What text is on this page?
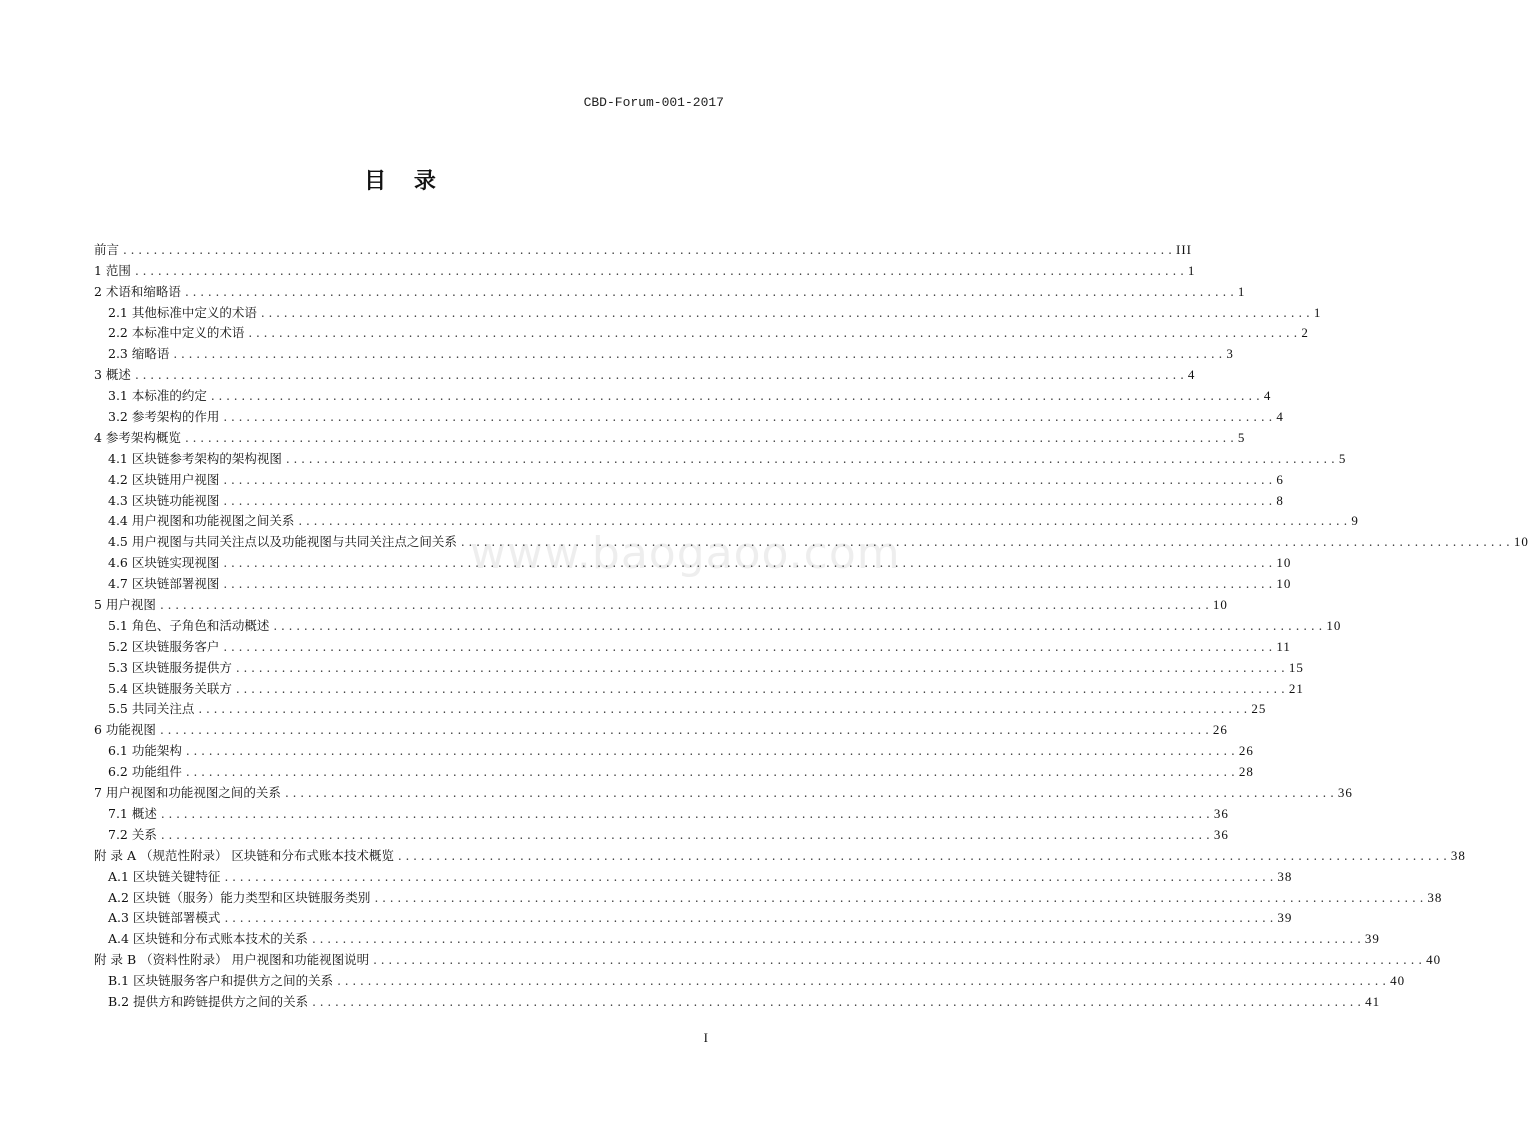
CBD-Forum-001-2017
目 录
www.baogaoo.com
前言 . . .	III
1 范围 . . .	1
2 术语和缩略语 . . .	1
2.1 其他标准中定义的术语 . . .	1
2.2 本标准中定义的术语 . . .	2
2.3 缩略语 . . .	3
3 概述 . . .	4
3.1 本标准的约定 . . .	4
3.2 参考架构的作用 . . .	4
4 参考架构概览 . . .	5
4.1 区块链参考架构的架构视图 . . .	5
4.2 区块链用户视图 . . .	6
4.3 区块链功能视图 . . .	8
4.4 用户视图和功能视图之间关系 . . .	9
4.5 用户视图与共同关注点以及功能视图与共同关注点之间关系 . . .	10
4.6 区块链实现视图 . . .	10
4.7 区块链部署视图 . . .	10
5 用户视图 . . .	10
5.1 角色、子角色和活动概述 . . .	10
5.2 区块链服务客户 . . .	11
5.3 区块链服务提供方 . . .	15
5.4 区块链服务关联方 . . .	21
5.5 共同关注点 . . .	25
6 功能视图 . . .	26
6.1 功能架构 . . .	26
6.2 功能组件 . . .	28
7 用户视图和功能视图之间的关系 . . .	36
7.1 概述 . . .	36
7.2 关系 . . .	36
附 录 A （规范性附录） 区块链和分布式账本技术概览 . . .	38
A.1 区块链关键特征 . . .	38
A.2 区块链（服务）能力类型和区块链服务类别 . . .	38
A.3 区块链部署模式 . . .	39
A.4 区块链和分布式账本技术的关系 . . .	39
附 录 B （资料性附录） 用户视图和功能视图说明 . . .	40
B.1 区块链服务客户和提供方之间的关系 . . .	40
B.2 提供方和跨链提供方之间的关系 . . .	41
I
